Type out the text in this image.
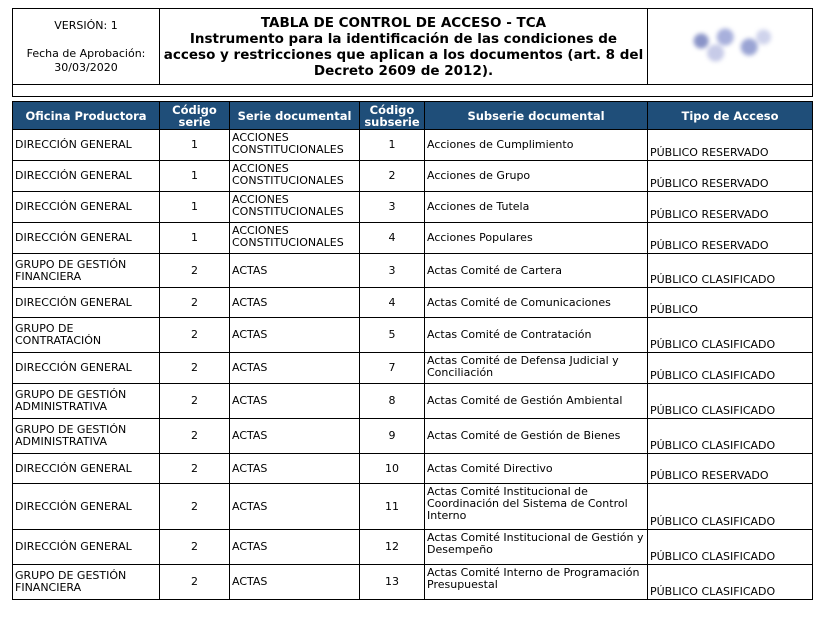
VERSIÓN: 1
Fecha de Aprobación:
30/03/2020

TABLA DE CONTROL DE ACCESO - TCA
Instrumento para la identificación de las condiciones de acceso y restricciones que aplican a los documentos (art. 8 del Decreto 2609 de 2012).

Oficina Productora	Código serie	Serie documental	Código subserie	Subserie documental	Tipo de Acceso
DIRECCIÓN GENERAL	1	ACCIONES CONSTITUCIONALES	1	Acciones de Cumplimiento	PÚBLICO RESERVADO
DIRECCIÓN GENERAL	1	ACCIONES CONSTITUCIONALES	2	Acciones de Grupo	PÚBLICO RESERVADO
DIRECCIÓN GENERAL	1	ACCIONES CONSTITUCIONALES	3	Acciones de Tutela	PÚBLICO RESERVADO
DIRECCIÓN GENERAL	1	ACCIONES CONSTITUCIONALES	4	Acciones Populares	PÚBLICO RESERVADO
GRUPO DE GESTIÓN FINANCIERA	2	ACTAS	3	Actas Comité de Cartera	PÚBLICO CLASIFICADO
DIRECCIÓN GENERAL	2	ACTAS	4	Actas Comité de Comunicaciones	PÚBLICO
GRUPO DE CONTRATACIÓN	2	ACTAS	5	Actas Comité de Contratación	PÚBLICO CLASIFICADO
DIRECCIÓN GENERAL	2	ACTAS	7	Actas Comité de Defensa Judicial y Conciliación	PÚBLICO CLASIFICADO
GRUPO DE GESTIÓN ADMINISTRATIVA	2	ACTAS	8	Actas Comité de Gestión Ambiental	PÚBLICO CLASIFICADO
GRUPO DE GESTIÓN ADMINISTRATIVA	2	ACTAS	9	Actas Comité de Gestión de Bienes	PÚBLICO CLASIFICADO
DIRECCIÓN GENERAL	2	ACTAS	10	Actas Comité Directivo	PÚBLICO RESERVADO
DIRECCIÓN GENERAL	2	ACTAS	11	Actas Comité Institucional de Coordinación del Sistema de Control Interno	PÚBLICO CLASIFICADO
DIRECCIÓN GENERAL	2	ACTAS	12	Actas Comité Institucional de Gestión y Desempeño	PÚBLICO CLASIFICADO
GRUPO DE GESTIÓN FINANCIERA	2	ACTAS	13	Actas Comité Interno de Programación Presupuestal	PÚBLICO CLASIFICADO
